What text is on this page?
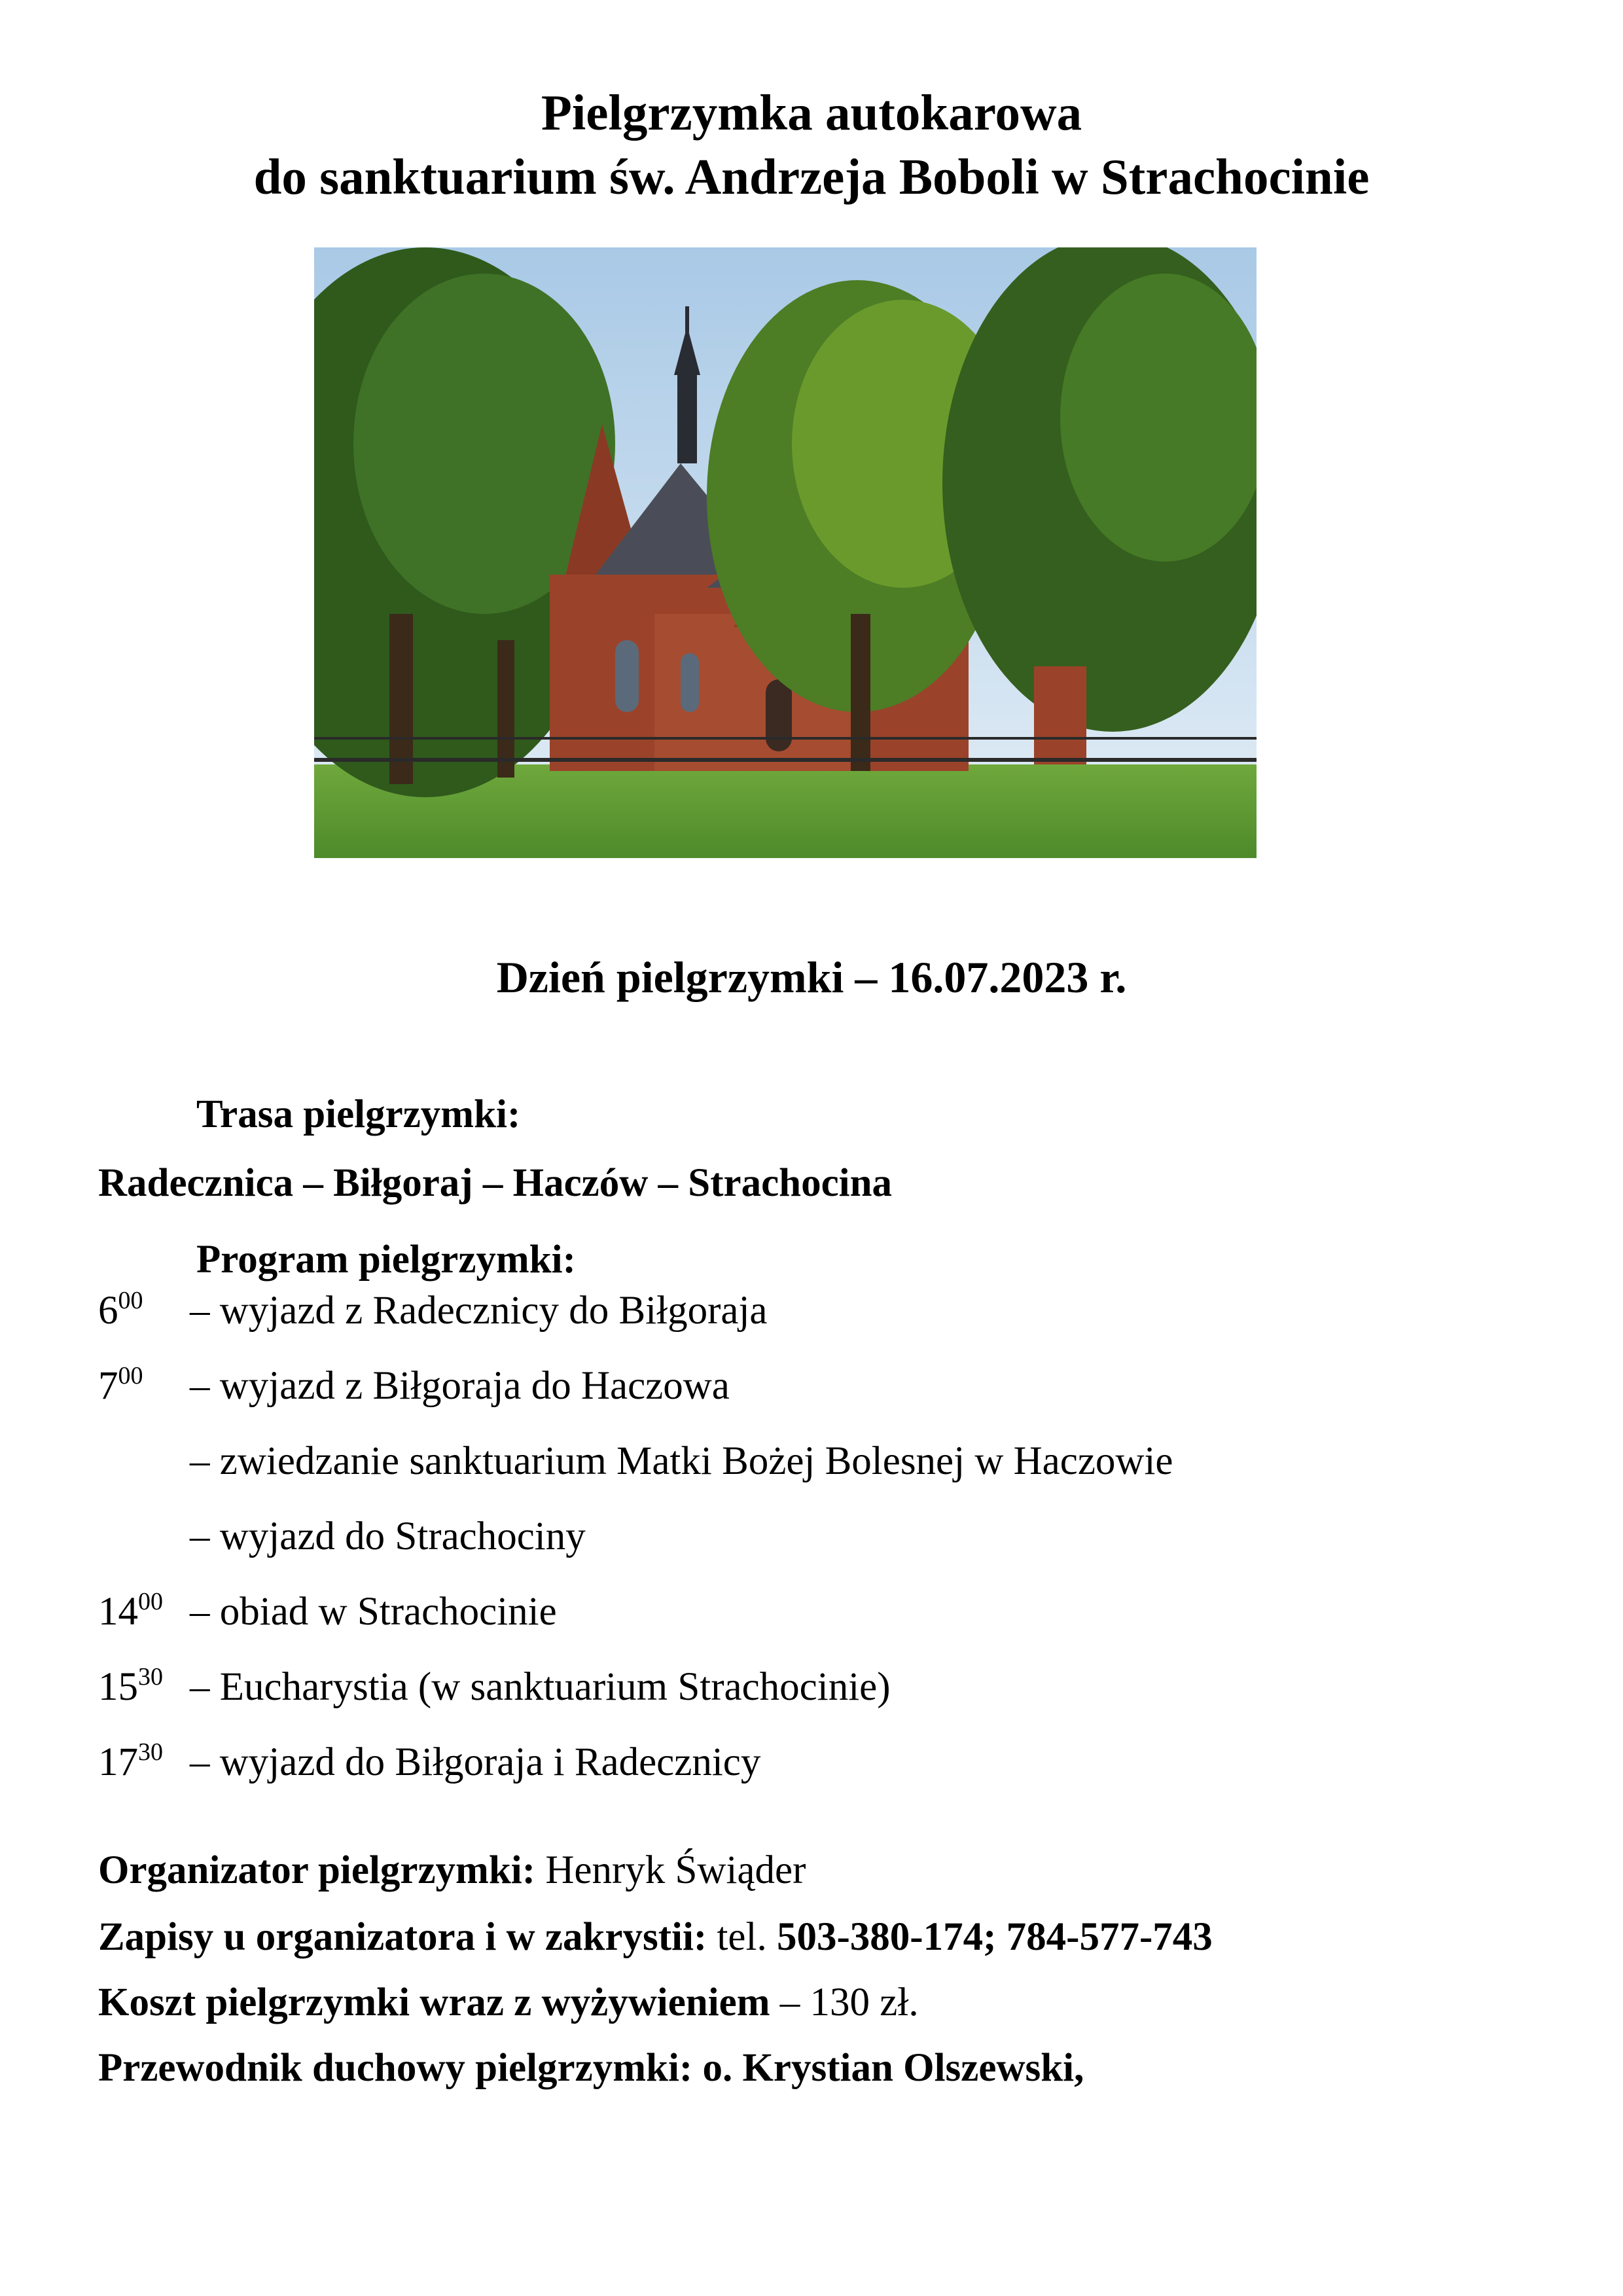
Pielgrzymka autokarowa
do sanktuarium św. Andrzeja Boboli w Strachocinie
Dzień pielgrzymki – 16.07.2023 r.
Trasa pielgrzymki:
Radecznica – Biłgoraj – Haczów – Strachocina
Program pielgrzymki:
$6^{00}$ – wyjazd z Radecznicy do Biłgoraja
$7^{00}$ – wyjazd z Biłgoraja do Haczowa
– zwiedzanie sanktuarium Matki Bożej Bolesnej w Haczowie
– wyjazd do Strachociny
$14^{00}$ – obiad w Strachocinie
$15^{30}$ – Eucharystia (w sanktuarium Strachocinie)
$17^{30}$ – wyjazd do Biłgoraja i Radecznicy
Organizator pielgrzymki: Henryk Świąder
Zapisy u organizatora i w zakrystii: tel. 503-380-174; 784-577-743
Koszt pielgrzymki wraz z wyżywieniem – 130 zł.
Przewodnik duchowy pielgrzymki: o. Krystian Olszewski,
